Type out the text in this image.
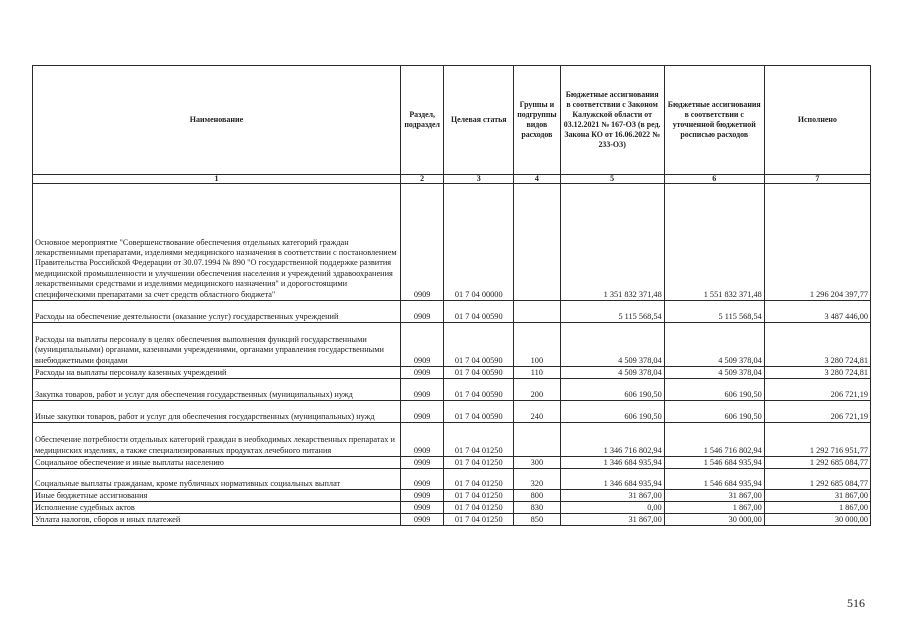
Наименование	Раздел, подраздел	Целевая статья	Группы и подгруппы видов расходов	Бюджетные ассигнования в соответствии с Законом Калужской области от 03.12.2021 № 167-ОЗ (в ред. Закона КО от 16.06.2022 № 233-ОЗ)	Бюджетные ассигнования в соответствии с уточненной бюджетной росписью расходов	Исполнено
1	2	3	4	5	6	7
Основное мероприятие "Совершенствование обеспечения отдельных категорий граждан лекарственными препаратами, изделиями медицинского назначения в соответствии с постановлением Правительства Российской Федерации от 30.07.1994 № 890 "О государственной поддержке развития медицинской промышленности и улучшении обеспечения населения и учреждений здравоохранения лекарственными средствами и изделиями медицинского назначения" и дорогостоящими специфическими препаратами за счет средств областного бюджета"	0909	01 7 04 00000		1 351 832 371,48	1 551 832 371,48	1 296 204 397,77
Расходы на обеспечение деятельности (оказание услуг) государственных учреждений	0909	01 7 04 00590		5 115 568,54	5 115 568,54	3 487 446,00
Расходы на выплаты персоналу в целях обеспечения выполнения функций государственными (муниципальными) органами, казенными учреждениями, органами управления государственными внебюджетными фондами	0909	01 7 04 00590	100	4 509 378,04	4 509 378,04	3 280 724,81
Расходы на выплаты персоналу казенных учреждений	0909	01 7 04 00590	110	4 509 378,04	4 509 378,04	3 280 724,81
Закупка товаров, работ и услуг для обеспечения государственных (муниципальных) нужд	0909	01 7 04 00590	200	606 190,50	606 190,50	206 721,19
Иные закупки товаров, работ и услуг для обеспечения государственных (муниципальных) нужд	0909	01 7 04 00590	240	606 190,50	606 190,50	206 721,19
Обеспечение потребности отдельных категорий граждан в необходимых лекарственных препаратах и медицинских изделиях, а также специализированных продуктах лечебного питания	0909	01 7 04 01250		1 346 716 802,94	1 546 716 802,94	1 292 716 951,77
Социальное обеспечение и иные выплаты населению	0909	01 7 04 01250	300	1 346 684 935,94	1 546 684 935,94	1 292 685 084,77
Социальные выплаты гражданам, кроме публичных нормативных социальных выплат	0909	01 7 04 01250	320	1 346 684 935,94	1 546 684 935,94	1 292 685 084,77
Иные бюджетные ассигнования	0909	01 7 04 01250	800	31 867,00	31 867,00	31 867,00
Исполнение судебных актов	0909	01 7 04 01250	830	0,00	1 867,00	1 867,00
Уплата налогов, сборов и иных платежей	0909	01 7 04 01250	850	31 867,00	30 000,00	30 000,00
516
